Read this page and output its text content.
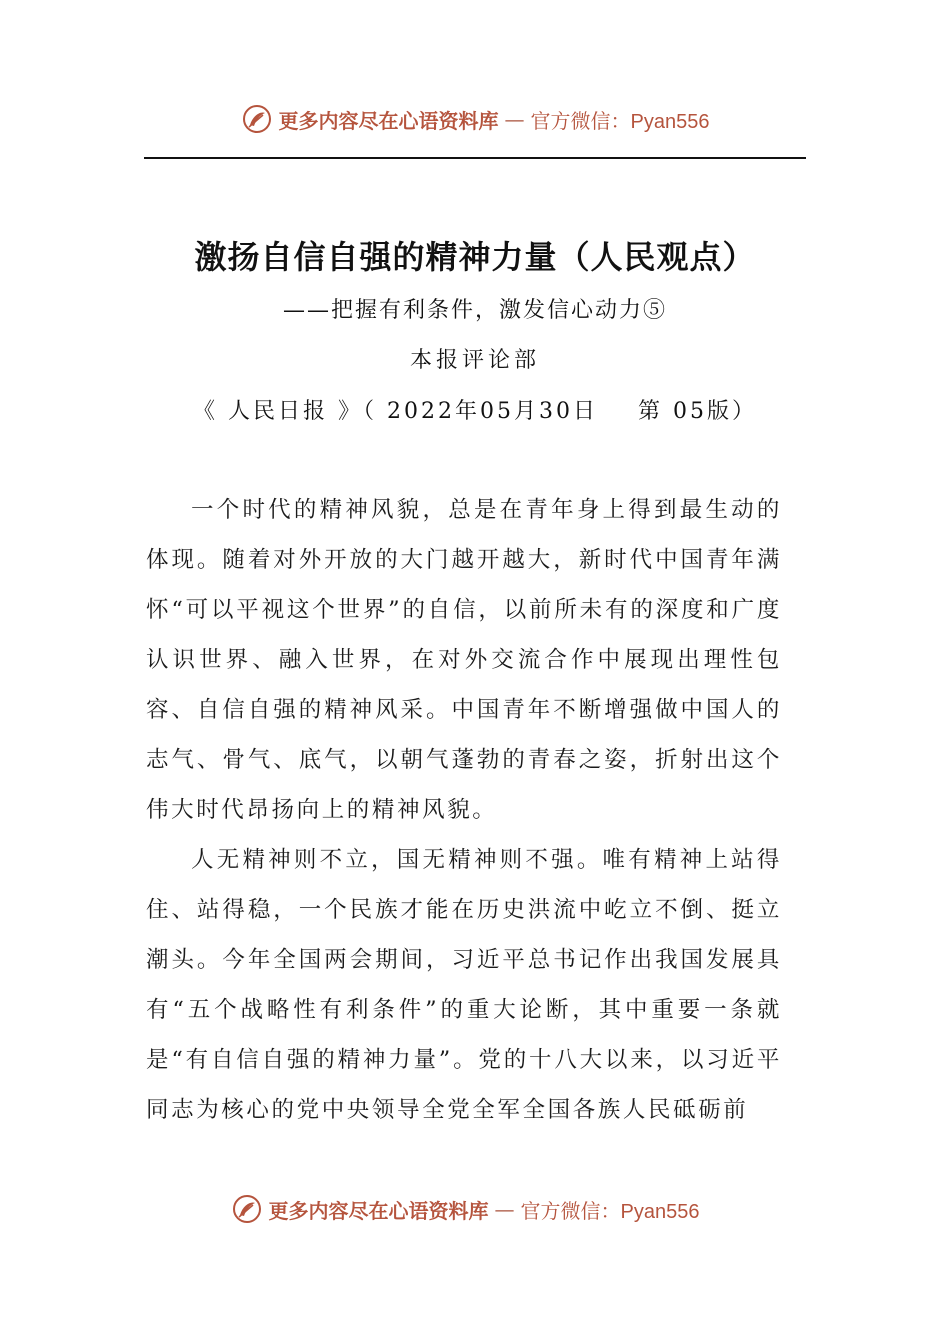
更多内容尽在心语资料库 — 官方微信：Pyan556
激扬自信自强的精神力量（人民观点）
——把握有利条件，激发信心动力⑤
本报评论部
《 人民日报 》（ 2022年05月30日    第 05版）

一个时代的精神风貌，总是在青年身上得到最生动的体现。随着对外开放的大门越开越大，新时代中国青年满怀“可以平视这个世界”的自信，以前所未有的深度和广度认识世界、融入世界，在对外交流合作中展现出理性包容、自信自强的精神风采。中国青年不断增强做中国人的志气、骨气、底气，以朝气蓬勃的青春之姿，折射出这个伟大时代昂扬向上的精神风貌。

人无精神则不立，国无精神则不强。唯有精神上站得住、站得稳，一个民族才能在历史洪流中屹立不倒、挺立潮头。今年全国两会期间，习近平总书记作出我国发展具有“五个战略性有利条件”的重大论断，其中重要一条就是“有自信自强的精神力量”。党的十八大以来，以习近平同志为核心的党中央领导全党全军全国各族人民砥砺前

更多内容尽在心语资料库 — 官方微信：Pyan556
